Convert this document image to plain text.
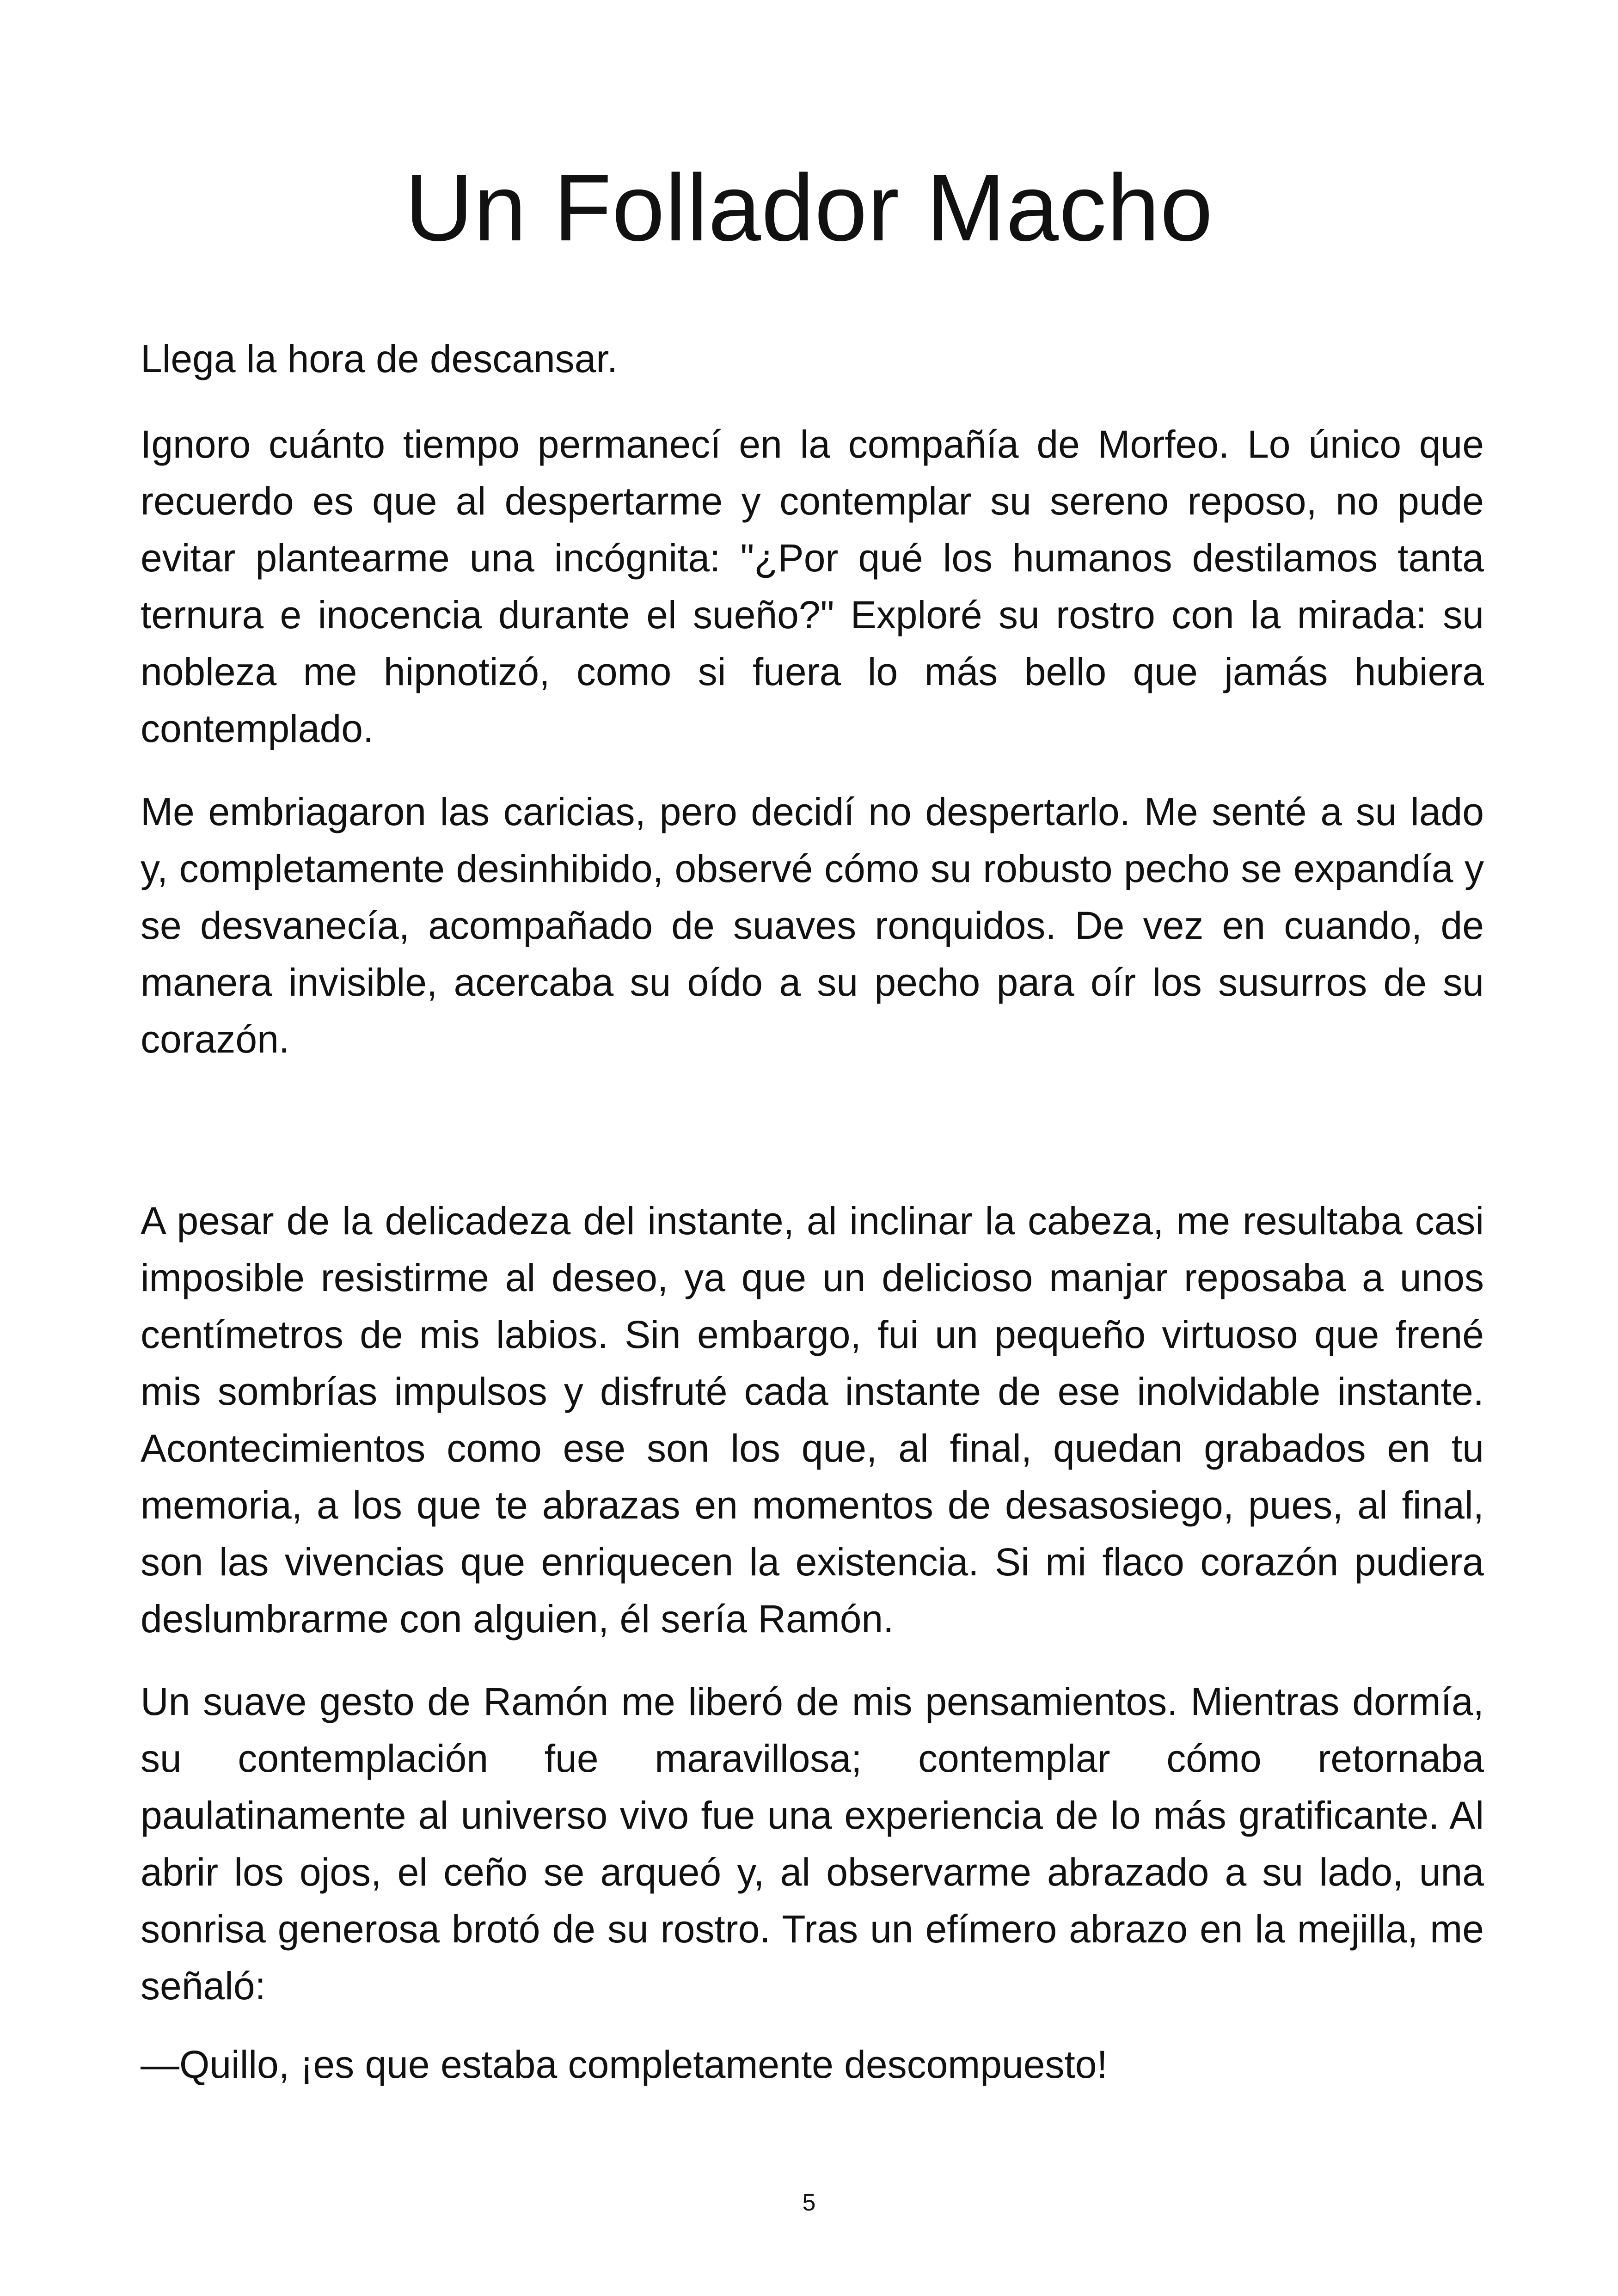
Un Follador Macho

Llega la hora de descansar.

Ignoro cuánto tiempo permanecí en la compañía de Morfeo. Lo único que recuerdo es que al despertarme y contemplar su sereno reposo, no pude evitar plantearme una incógnita: "¿Por qué los humanos destilamos tanta ternura e inocencia durante el sueño?" Exploré su rostro con la mirada: su nobleza me hipnotizó, como si fuera lo más bello que jamás hubiera contemplado.

Me embriagaron las caricias, pero decidí no despertarlo. Me senté a su lado y, completamente desinhibido, observé cómo su robusto pecho se expandía y se desvanecía, acompañado de suaves ronquidos. De vez en cuando, de manera invisible, acercaba su oído a su pecho para oír los susurros de su corazón.

A pesar de la delicadeza del instante, al inclinar la cabeza, me resultaba casi imposible resistirme al deseo, ya que un delicioso manjar reposaba a unos centímetros de mis labios. Sin embargo, fui un pequeño virtuoso que frené mis sombrías impulsos y disfruté cada instante de ese inolvidable instante. Acontecimientos como ese son los que, al final, quedan grabados en tu memoria, a los que te abrazas en momentos de desasosiego, pues, al final, son las vivencias que enriquecen la existencia. Si mi flaco corazón pudiera deslumbrarme con alguien, él sería Ramón.

Un suave gesto de Ramón me liberó de mis pensamientos. Mientras dormía, su contemplación fue maravillosa; contemplar cómo retornaba paulatinamente al universo vivo fue una experiencia de lo más gratificante. Al abrir los ojos, el ceño se arqueó y, al observarme abrazado a su lado, una sonrisa generosa brotó de su rostro. Tras un efímero abrazo en la mejilla, me señaló:

—Quillo, ¡es que estaba completamente descompuesto!

5
